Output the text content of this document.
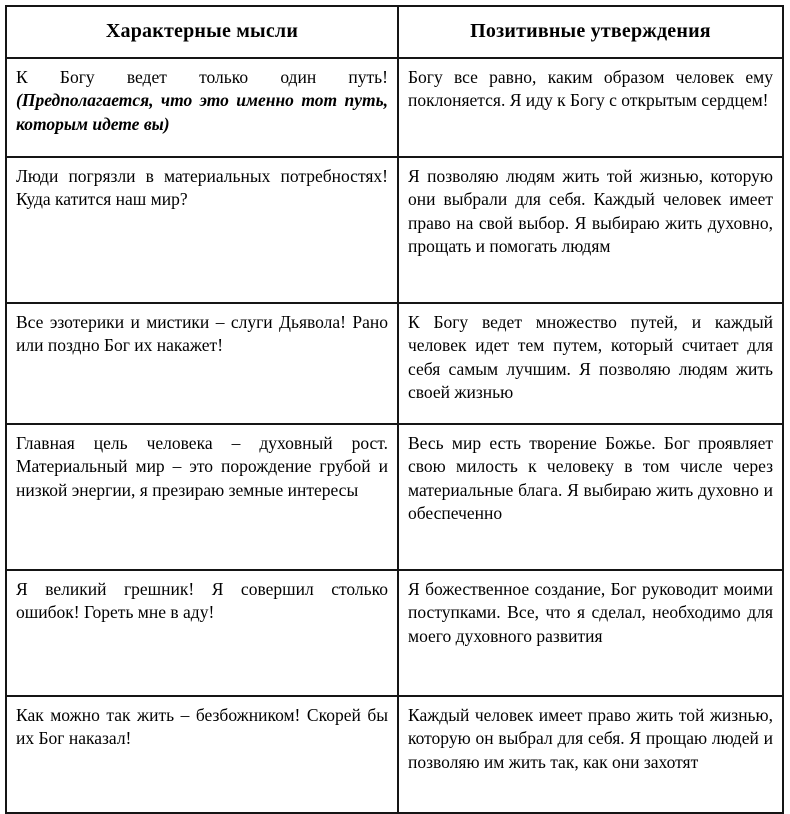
Характерные мысли	Позитивные утверждения

К Богу ведет только один путь! (Предполагается, что это именно тот путь, которым идете вы)	Богу все равно, каким образом человек ему поклоняется. Я иду к Богу с открытым сердцем!

Люди погрязли в материальных потребностях! Куда катится наш мир?	Я позволяю людям жить той жизнью, которую они выбрали для себя. Каждый человек имеет право на свой выбор. Я выбираю жить духовно, прощать и помогать людям

Все эзотерики и мистики – слуги Дьявола! Рано или поздно Бог их накажет!	К Богу ведет множество путей, и каждый человек идет тем путем, который считает для себя самым лучшим. Я позволяю людям жить своей жизнью

Главная цель человека – духовный рост. Материальный мир – это порождение грубой и низкой энергии, я презираю земные интересы	Весь мир есть творение Божье. Бог проявляет свою милость к человеку в том числе через материальные блага. Я выбираю жить духовно и обеспеченно

Я великий грешник! Я совершил столько ошибок! Гореть мне в аду!	Я божественное создание, Бог руководит моими поступками. Все, что я сделал, необходимо для моего духовного развития

Как можно так жить – безбожником! Скорей бы их Бог наказал!	Каждый человек имеет право жить той жизнью, которую он выбрал для себя. Я прощаю людей и позволяю им жить так, как они захотят
